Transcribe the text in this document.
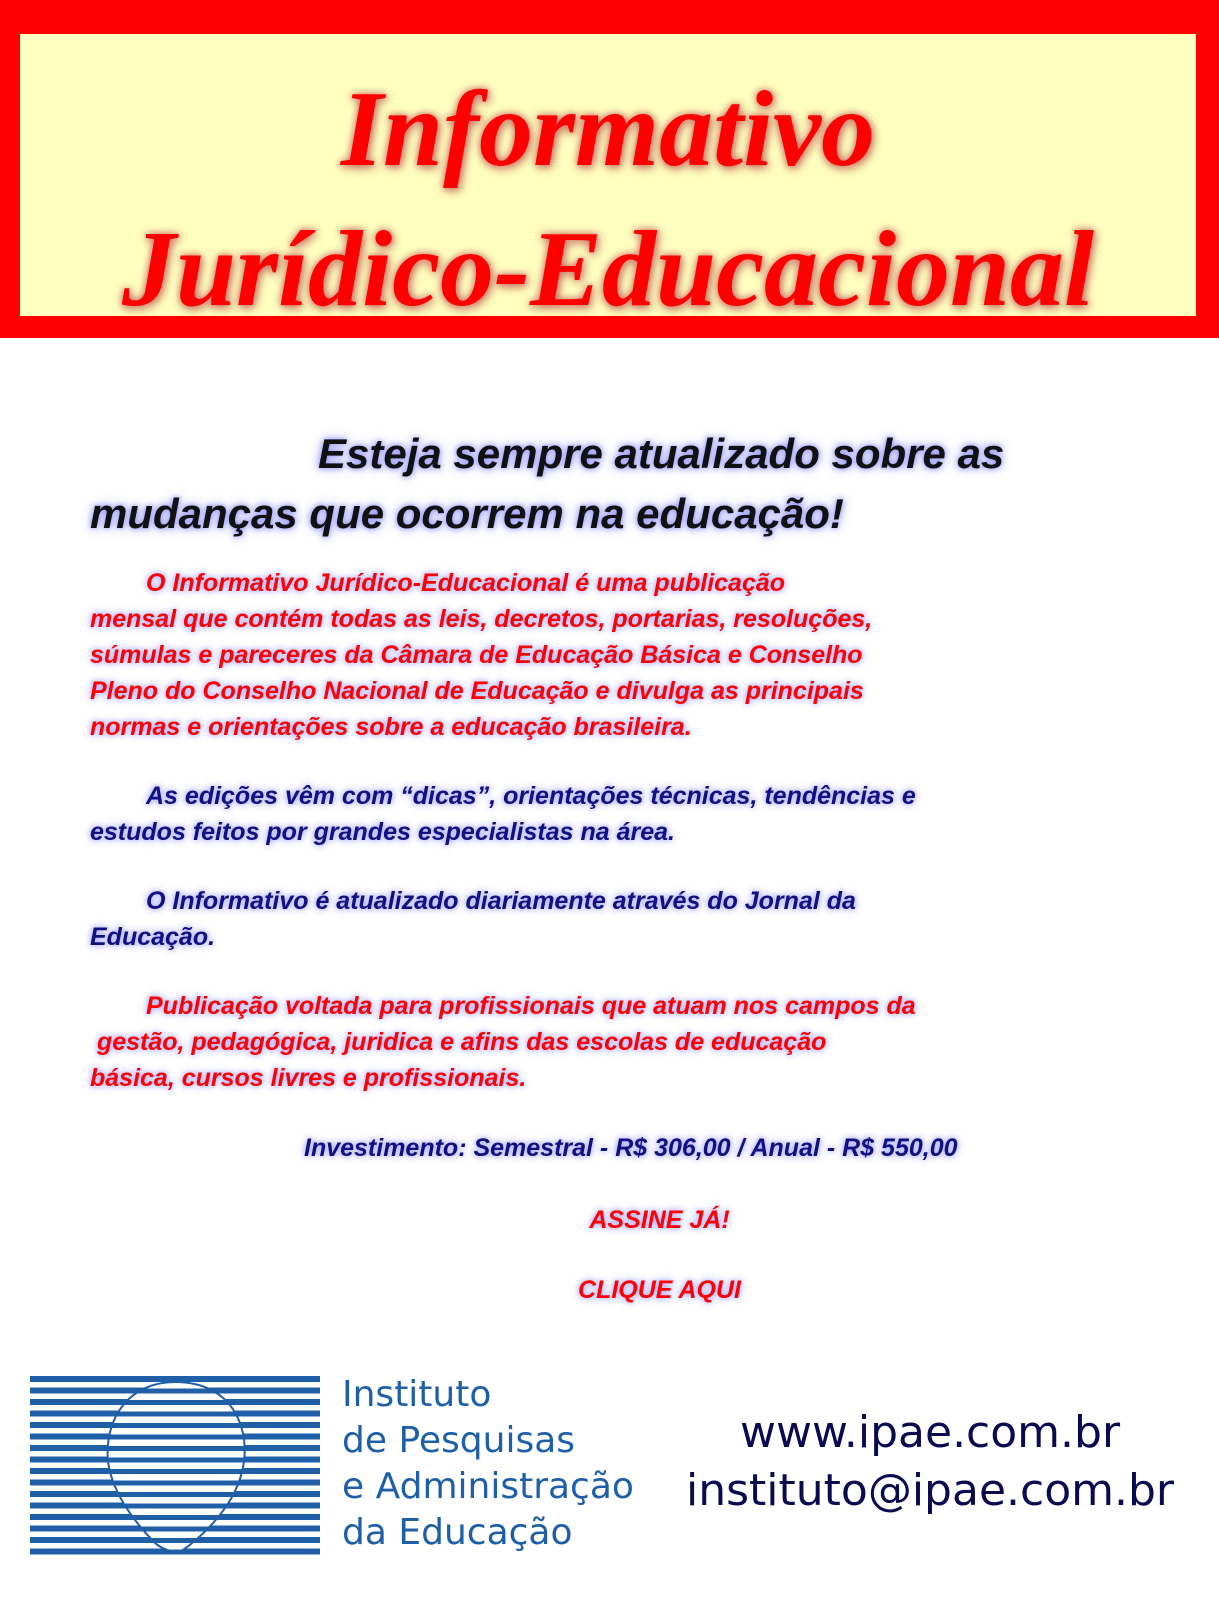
Informativo
Jurídico-Educacional
Esteja sempre atualizado sobre as
mudanças que ocorrem na educação!
O Informativo Jurídico-Educacional é uma publicação
mensal que contém todas as leis, decretos, portarias, resoluções,
súmulas e pareceres da Câmara de Educação Básica e Conselho
Pleno do Conselho Nacional de Educação e divulga as principais
normas e orientações sobre a educação brasileira.
As edições vêm com “dicas”, orientações técnicas, tendências e
estudos feitos por grandes especialistas na área.
O Informativo é atualizado diariamente através do Jornal da
Educação.
Publicação voltada para profissionais que atuam nos campos da
gestão, pedagógica, juridica e afins das escolas de educação
básica, cursos livres e profissionais.
Investimento: Semestral - R$ 306,00 / Anual - R$ 550,00
ASSINE JÁ!
CLIQUE AQUI
Instituto
de Pesquisas
e Administração
da Educação
www.ipae.com.br
instituto@ipae.com.br
